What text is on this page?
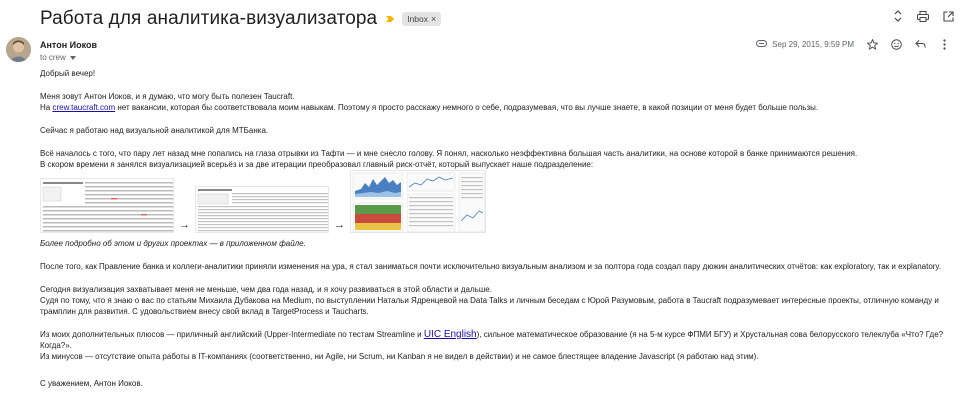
Работа для аналитика-визуализатора	Inbox ×
Антон Иоков
to crew
Sep 29, 2015, 9:59 PM

Добрый вечер!

Меня зовут Антон Иоков, и я думаю, что могу быть полезен Taucraft.
На crew.taucraft.com нет вакансии, которая бы соответствовала моим навыкам. Поэтому я просто расскажу немного о себе, подразумевая, что вы лучше знаете, в какой позиции от меня будет больше пользы.

Сейчас я работаю над визуальной аналитикой для МТБанка.

Всё началось с того, что пару лет назад мне попались на глаза отрывки из Тафти — и мне снесло голову. Я понял, насколько неэффективна большая часть аналитики, на основе которой в банке принимаются решения.
В скором времени я занялся визуализацией всерьёз и за две итерации преобразовал главный риск-отчёт, который выпускает наше подразделение:

→	→

Более подробно об этом и других проектах — в приложенном файле.

После того, как Правление банка и коллеги-аналитики приняли изменения на ура, я стал заниматься почти исключительно визуальным анализом и за полтора года создал пару дюжин аналитических отчётов: как exploratory, так и explanatory.

Сегодня визуализация захватывает меня не меньше, чем два года назад, и я хочу развиваться в этой области и дальше.
Судя по тому, что я знаю о вас по статьям Михаила Дубакова на Medium, по выступлении Натальи Ядренцевой на Data Talks и личным беседам с Юрой Разумовым, работа в Taucraft подразумевает интересные проекты, отличную команду и
трамплин для развития. С удовольствием внесу свой вклад в TargetProcess и Taucharts.

Из моих дополнительных плюсов — приличный английский (Upper-Intermediate по тестам Streamline и UIC English), сильное математическое образование (я на 5-м курсе ФПМИ БГУ) и Хрустальная сова белорусского телеклуба «Что? Где? Когда?».
Из минусов — отсутствие опыта работы в IT-компаниях (соответственно, ни Agile, ни Scrum, ни Kanban я не видел в действии) и не самое блестящее владение Javascript (я работаю над этим).

С уважением, Антон Иоков.
